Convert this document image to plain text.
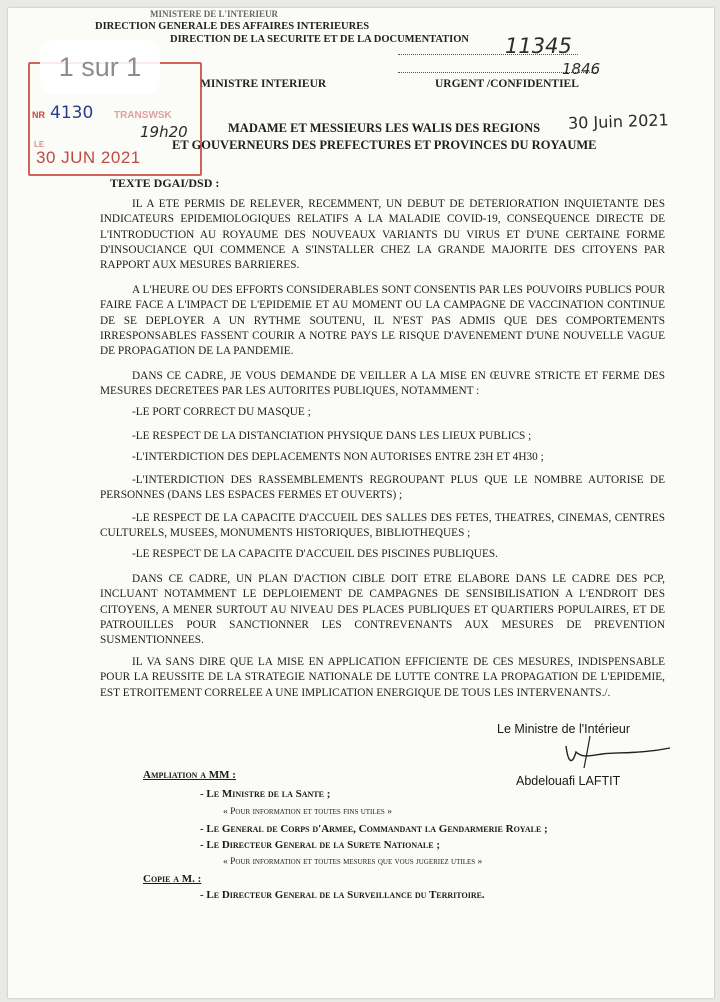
MINISTERE DE L'INTERIEUR
DIRECTION GENERALE DES AFFAIRES INTERIEURES
DIRECTION DE LA SECURITE ET DE LA DOCUMENTATION
MINISTRE INTERIEUR	URGENT /CONFIDENTIEL
11345
1846
NR 4130 TRANSWSK
19h20
LE
30 JUN 2021
1 sur 1
30 Juin 2021
MADAME ET MESSIEURS LES WALIS DES REGIONS
ET GOUVERNEURS DES PREFECTURES ET PROVINCES DU ROYAUME
TEXTE DGAI/DSD :

IL A ETE PERMIS DE RELEVER, RECEMMENT, UN DEBUT DE DETERIORATION INQUIETANTE DES INDICATEURS EPIDEMIOLOGIQUES RELATIFS A LA MALADIE COVID-19, CONSEQUENCE DIRECTE DE L'INTRODUCTION AU ROYAUME DES NOUVEAUX VARIANTS DU VIRUS ET D'UNE CERTAINE FORME D'INSOUCIANCE QUI COMMENCE A S'INSTALLER CHEZ LA GRANDE MAJORITE DES CITOYENS PAR RAPPORT AUX MESURES BARRIERES.

A L'HEURE OU DES EFFORTS CONSIDERABLES SONT CONSENTIS PAR LES POUVOIRS PUBLICS POUR FAIRE FACE A L'IMPACT DE L'EPIDEMIE ET AU MOMENT OU LA CAMPAGNE DE VACCINATION CONTINUE DE SE DEPLOYER A UN RYTHME SOUTENU, IL N'EST PAS ADMIS QUE DES COMPORTEMENTS IRRESPONSABLES FASSENT COURIR A NOTRE PAYS LE RISQUE D'AVENEMENT D'UNE NOUVELLE VAGUE DE PROPAGATION DE LA PANDEMIE.

DANS CE CADRE, JE VOUS DEMANDE DE VEILLER A LA MISE EN ŒUVRE STRICTE ET FERME DES MESURES DECRETEES PAR LES AUTORITES PUBLIQUES, NOTAMMENT :

-LE PORT CORRECT DU MASQUE ;

-LE RESPECT DE LA DISTANCIATION PHYSIQUE DANS LES LIEUX PUBLICS ;

-L'INTERDICTION DES DEPLACEMENTS NON AUTORISES ENTRE 23H ET 4H30 ;

-L'INTERDICTION DES RASSEMBLEMENTS REGROUPANT PLUS QUE LE NOMBRE AUTORISE DE PERSONNES (DANS LES ESPACES FERMES ET OUVERTS) ;

-LE RESPECT DE LA CAPACITE D'ACCUEIL DES SALLES DES FETES, THEATRES, CINEMAS, CENTRES CULTURELS, MUSEES, MONUMENTS HISTORIQUES, BIBLIOTHEQUES ;

-LE RESPECT DE LA CAPACITE D'ACCUEIL DES PISCINES PUBLIQUES.

DANS CE CADRE, UN PLAN D'ACTION CIBLE DOIT ETRE ELABORE DANS LE CADRE DES PCP, INCLUANT NOTAMMENT LE DEPLOIEMENT DE CAMPAGNES DE SENSIBILISATION A L'ENDROIT DES CITOYENS, A MENER SURTOUT AU NIVEAU DES PLACES PUBLIQUES ET QUARTIERS POPULAIRES, ET DE PATROUILLES POUR SANCTIONNER LES CONTREVENANTS AUX MESURES DE PREVENTION SUSMENTIONNEES.

IL VA SANS DIRE QUE LA MISE EN APPLICATION EFFICIENTE DE CES MESURES, INDISPENSABLE POUR LA REUSSITE DE LA STRATEGIE NATIONALE DE LUTTE CONTRE LA PROPAGATION DE L'EPIDEMIE, EST ETROITEMENT CORRELEE A UNE IMPLICATION ENERGIQUE DE TOUS LES INTERVENANTS./.

Le Ministre de l'Intérieur
Abdelouafi LAFTIT
Ampliation a MM :
- Le Ministre de la Sante ;
« Pour information et toutes fins utiles »
- Le General de Corps d'Armee, Commandant la Gendarmerie Royale ;
- Le Directeur General de la Surete Nationale ;
« Pour information et toutes mesures que vous jugeriez utiles »
Copie a M. :
- Le Directeur General de la Surveillance du Territoire.
